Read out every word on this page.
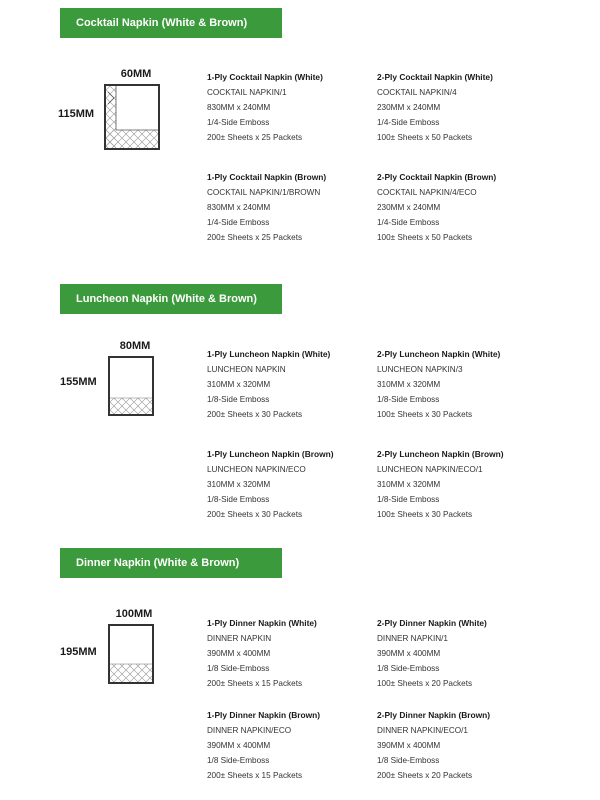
Cocktail Napkin (White & Brown)
60MM
115MM
1-Ply Cocktail Napkin (White)
COCKTAIL NAPKIN/1
830MM x 240MM
1/4-Side Emboss
200± Sheets x 25 Packets
2-Ply Cocktail Napkin (White)
COCKTAIL NAPKIN/4
230MM x 240MM
1/4-Side Emboss
100± Sheets x 50 Packets
1-Ply Cocktail Napkin (Brown)
COCKTAIL NAPKIN/1/BROWN
830MM x 240MM
1/4-Side Emboss
200± Sheets x 25 Packets
2-Ply Cocktail Napkin (Brown)
COCKTAIL NAPKIN/4/ECO
230MM x 240MM
1/4-Side Emboss
100± Sheets x 50 Packets
Luncheon Napkin (White & Brown)
80MM
155MM
1-Ply Luncheon Napkin (White)
LUNCHEON NAPKIN
310MM x 320MM
1/8-Side Emboss
200± Sheets x 30 Packets
2-Ply Luncheon Napkin (White)
LUNCHEON NAPKIN/3
310MM x 320MM
1/8-Side Emboss
100± Sheets x 30 Packets
1-Ply Luncheon Napkin (Brown)
LUNCHEON NAPKIN/ECO
310MM x 320MM
1/8-Side Emboss
200± Sheets x 30 Packets
2-Ply Luncheon Napkin (Brown)
LUNCHEON NAPKIN/ECO/1
310MM x 320MM
1/8-Side Emboss
100± Sheets x 30 Packets
Dinner Napkin (White & Brown)
100MM
195MM
1-Ply Dinner Napkin (White)
DINNER NAPKIN
390MM x 400MM
1/8 Side-Emboss
200± Sheets x 15 Packets
2-Ply Dinner Napkin (White)
DINNER NAPKIN/1
390MM x 400MM
1/8 Side-Emboss
100± Sheets x 20 Packets
1-Ply Dinner Napkin (Brown)
DINNER NAPKIN/ECO
390MM x 400MM
1/8 Side-Emboss
200± Sheets x 15 Packets
2-Ply Dinner Napkin (Brown)
DINNER NAPKIN/ECO/1
390MM x 400MM
1/8 Side-Emboss
200± Sheets x 20 Packets
